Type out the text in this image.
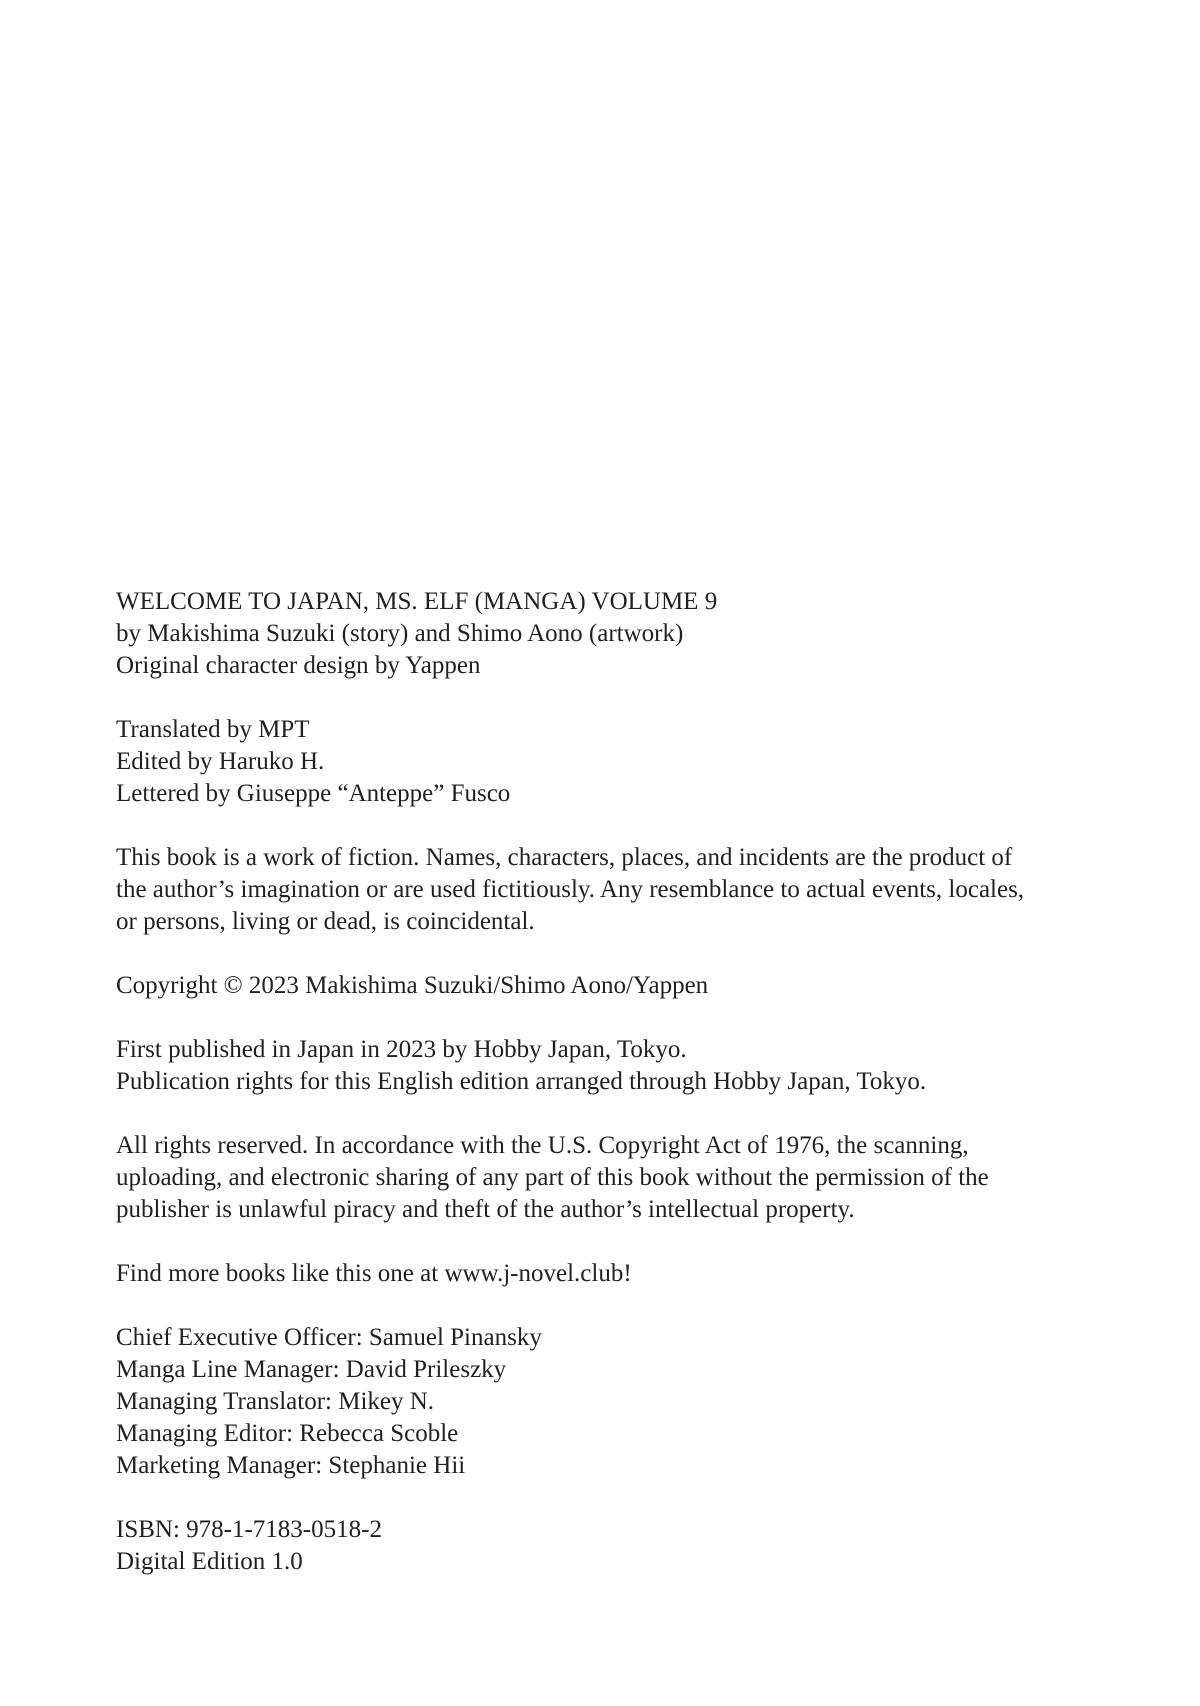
WELCOME TO JAPAN, MS. ELF (MANGA) VOLUME 9
by Makishima Suzuki (story) and Shimo Aono (artwork)
Original character design by Yappen
Translated by MPT
Edited by Haruko H.
Lettered by Giuseppe “Anteppe” Fusco
This book is a work of fiction. Names, characters, places, and incidents are the product of
the author’s imagination or are used fictitiously. Any resemblance to actual events, locales,
or persons, living or dead, is coincidental.
Copyright © 2023 Makishima Suzuki/Shimo Aono/Yappen
First published in Japan in 2023 by Hobby Japan, Tokyo.
Publication rights for this English edition arranged through Hobby Japan, Tokyo.
All rights reserved. In accordance with the U.S. Copyright Act of 1976, the scanning,
uploading, and electronic sharing of any part of this book without the permission of the
publisher is unlawful piracy and theft of the author’s intellectual property.
Find more books like this one at www.j-novel.club!
Chief Executive Officer: Samuel Pinansky
Manga Line Manager: David Prileszky
Managing Translator: Mikey N.
Managing Editor: Rebecca Scoble
Marketing Manager: Stephanie Hii
ISBN: 978-1-7183-0518-2
Digital Edition 1.0
